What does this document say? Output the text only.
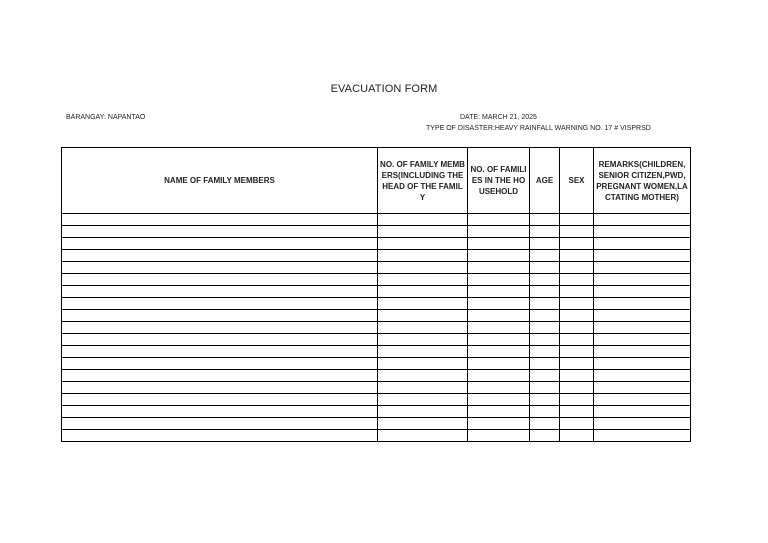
EVACUATION FORM
BARANGAY: NAPANTAO	DATE: MARCH 21, 2025
TYPE OF DISASTER:HEAVY RAINFALL WARNING NO. 17 # VISPRSD
NAME OF FAMILY MEMBERS	NO. OF FAMILY MEMBERS(INCLUDING THE HEAD OF THE FAMILY	NO. OF FAMILIES IN THE HOUSEHOLD	AGE	SEX	REMARKS(CHILDREN, SENIOR CITIZEN,PWD,PREGNANT WOMEN,LACTATING MOTHER)
